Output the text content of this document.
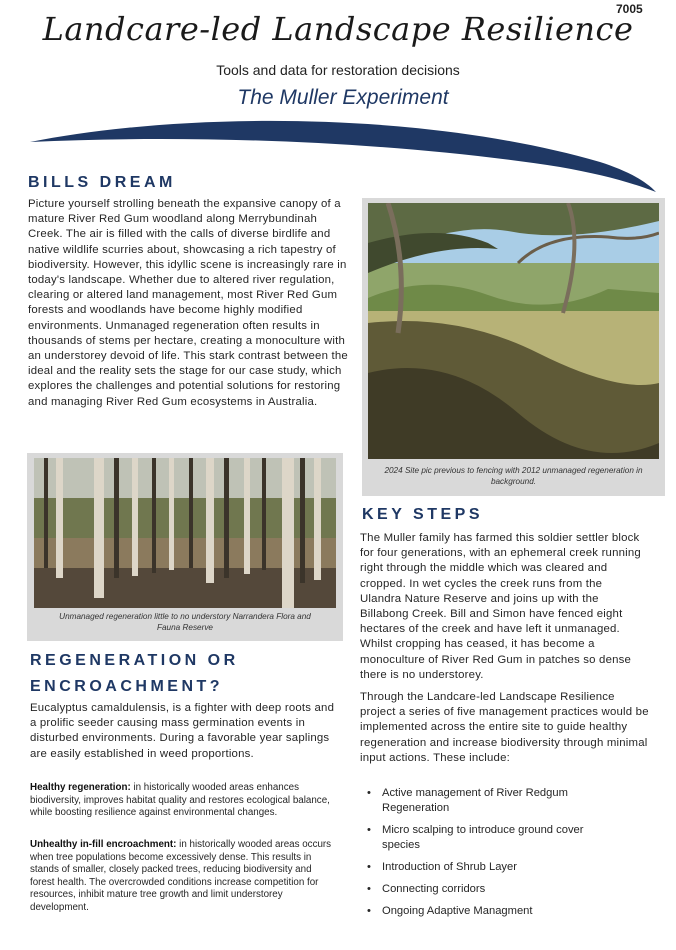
7005
Landcare-led Landscape Resilience
Tools and data for restoration decisions
The Muller Experiment
BILLS DREAM
Picture yourself strolling beneath the expansive canopy of a mature River Red Gum woodland along Merrybundinah Creek. The air is filled with the calls of diverse birdlife and native wildlife scurries about, showcasing a rich tapestry of biodiversity. However, this idyllic scene is increasingly rare in today's landscape. Whether due to altered river regulation, clearing or altered land management, most River Red Gum forests and woodlands have become highly modified environments. Unmanaged regeneration often results in thousands of stems per hectare, creating a monoculture with an understorey devoid of life. This stark contrast between the ideal and the reality sets the stage for our case study, which explores the challenges and potential solutions for restoring and managing River Red Gum ecosystems in Australia.
2024 Site pic previous to fencing with 2012 unmanaged regeneration in background.
Unmanaged regeneration little to no understory Narrandera Flora and Fauna Reserve
REGENERATION OR
ENCROACHMENT?
Eucalyptus camaldulensis, is a fighter with deep roots and a prolific seeder causing mass germination events in disturbed environments. During a favorable year saplings are easily established in weed proportions.
Healthy regeneration: in historically wooded areas enhances biodiversity, improves habitat quality and restores ecological balance, while boosting resilience against environmental changes.
Unhealthy in-fill encroachment: in historically wooded areas occurs when tree populations become excessively dense. This results in stands of smaller, closely packed trees, reducing biodiversity and forest health. The overcrowded conditions increase competition for resources, inhibit mature tree growth and limit understorey development.
KEY STEPS
The Muller family has farmed this soldier settler block for four generations, with an ephemeral creek running right through the middle which was cleared and cropped. In wet cycles the creek runs from the Ulandra Nature Reserve and joins up with the Billabong Creek. Bill and Simon have fenced eight hectares of the creek and have left it unmanaged. Whilst cropping has ceased, it has become a monoculture of River Red Gum in patches so dense there is no understorey.
Through the Landcare-led Landscape Resilience project a series of five management practices would be implemented across the entire site to guide healthy regeneration and increase biodiversity through minimal input actions. These include:
• Active management of River Redgum Regeneration
• Micro scalping to introduce ground cover species
• Introduction of Shrub Layer
• Connecting corridors
• Ongoing Adaptive Managment
